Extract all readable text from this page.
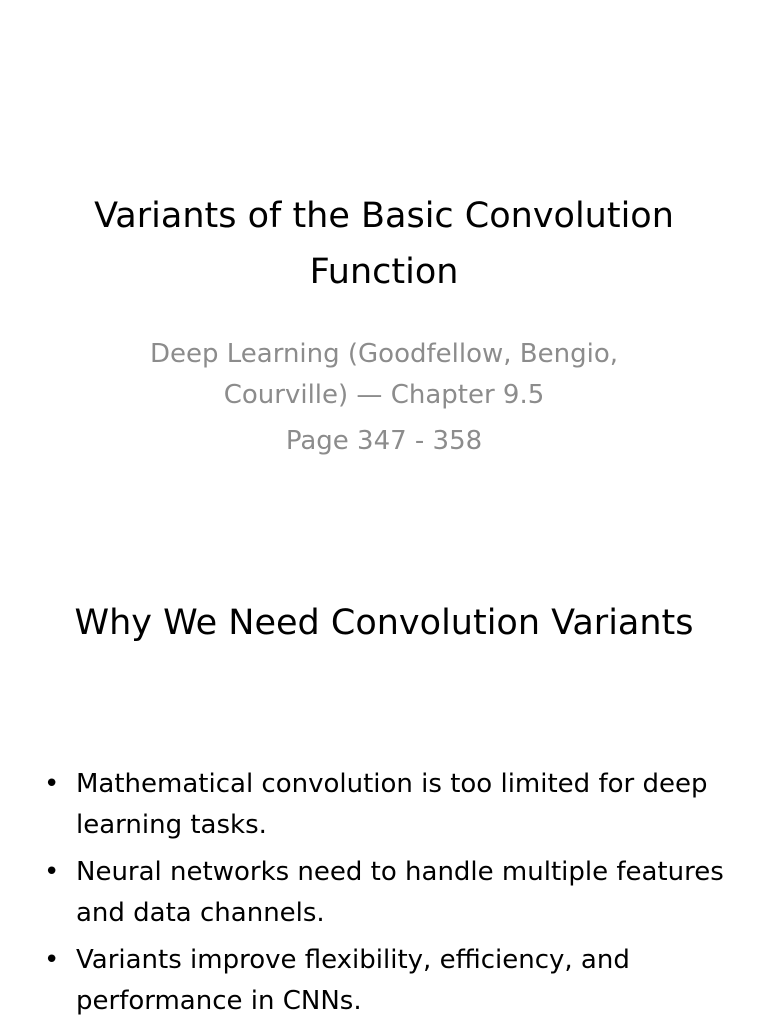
Variants of the Basic Convolution Function

Deep Learning (Goodfellow, Bengio, Courville) — Chapter 9.5

Page 347 - 358

Why We Need Convolution Variants
• Mathematical convolution is too limited for deep learning tasks.
• Neural networks need to handle multiple features and data channels.
• Variants improve flexibility, efficiency, and performance in CNNs.
